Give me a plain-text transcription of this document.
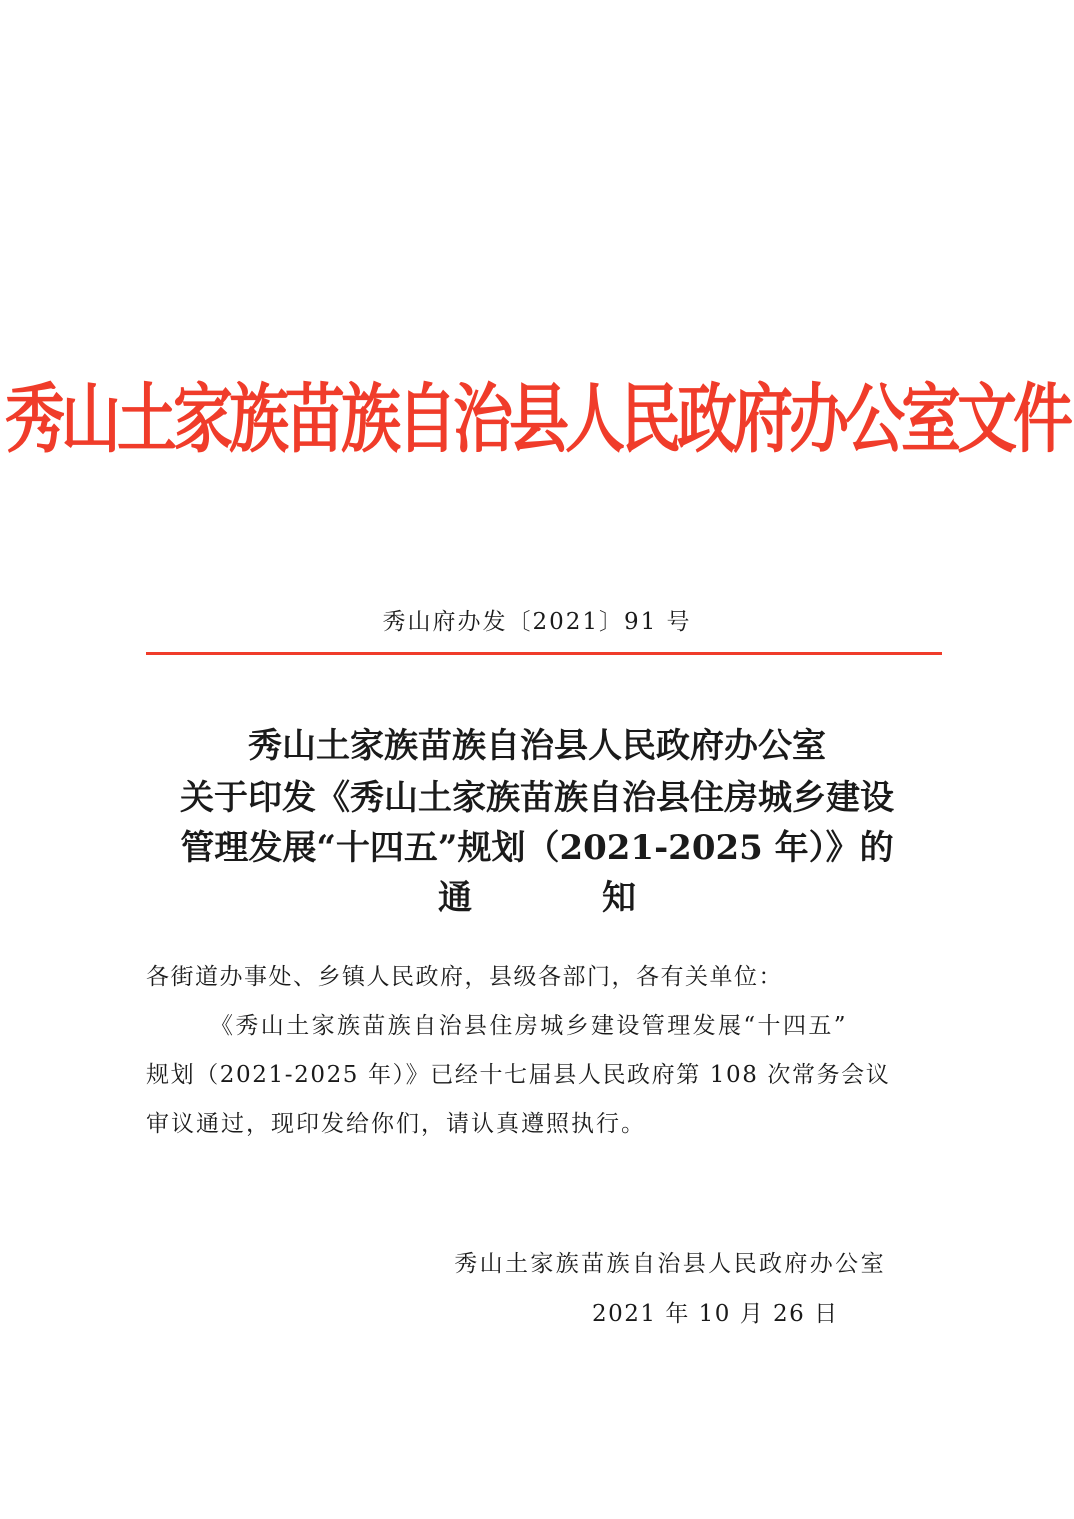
秀山土家族苗族自治县人民政府办公室文件
秀山府办发〔2021〕91 号
秀山土家族苗族自治县人民政府办公室
关于印发《秀山土家族苗族自治县住房城乡建设
管理发展“十四五”规划（2021-2025 年）》的
通	知
各街道办事处、乡镇人民政府，县级各部门，各有关单位：
《秀山土家族苗族自治县住房城乡建设管理发展“十四五”
规划（2021-2025 年）》已经十七届县人民政府第 108 次常务会议
审议通过，现印发给你们，请认真遵照执行。
秀山土家族苗族自治县人民政府办公室
2021 年 10 月 26 日
